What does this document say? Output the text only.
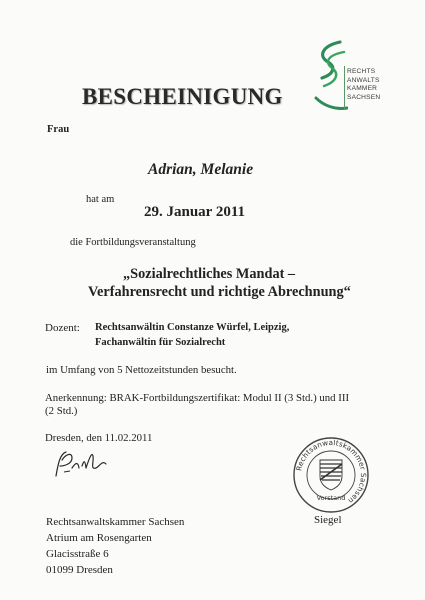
BESCHEINIGUNG
RECHTS
ANWALTS
KAMMER
SACHSEN
Frau
Adrian, Melanie
hat am
29. Januar 2011
die Fortbildungsveranstaltung
„Sozialrechtliches Mandat –
Verfahrensrecht und richtige Abrechnung“
Dozent: Rechtsanwältin Constanze Würfel, Leipzig,
Fachanwältin für Sozialrecht
im Umfang von 5 Nettozeitstunden besucht.
Anerkennung: BRAK-Fortbildungszertifikat: Modul II (3 Std.) und III
(2 Std.)
Dresden, den 11.02.2011
Rechtsanwaltskammer Sachsen
Vorstand
Siegel
Rechtsanwaltskammer Sachsen
Atrium am Rosengarten
Glacisstraße 6
01099 Dresden
